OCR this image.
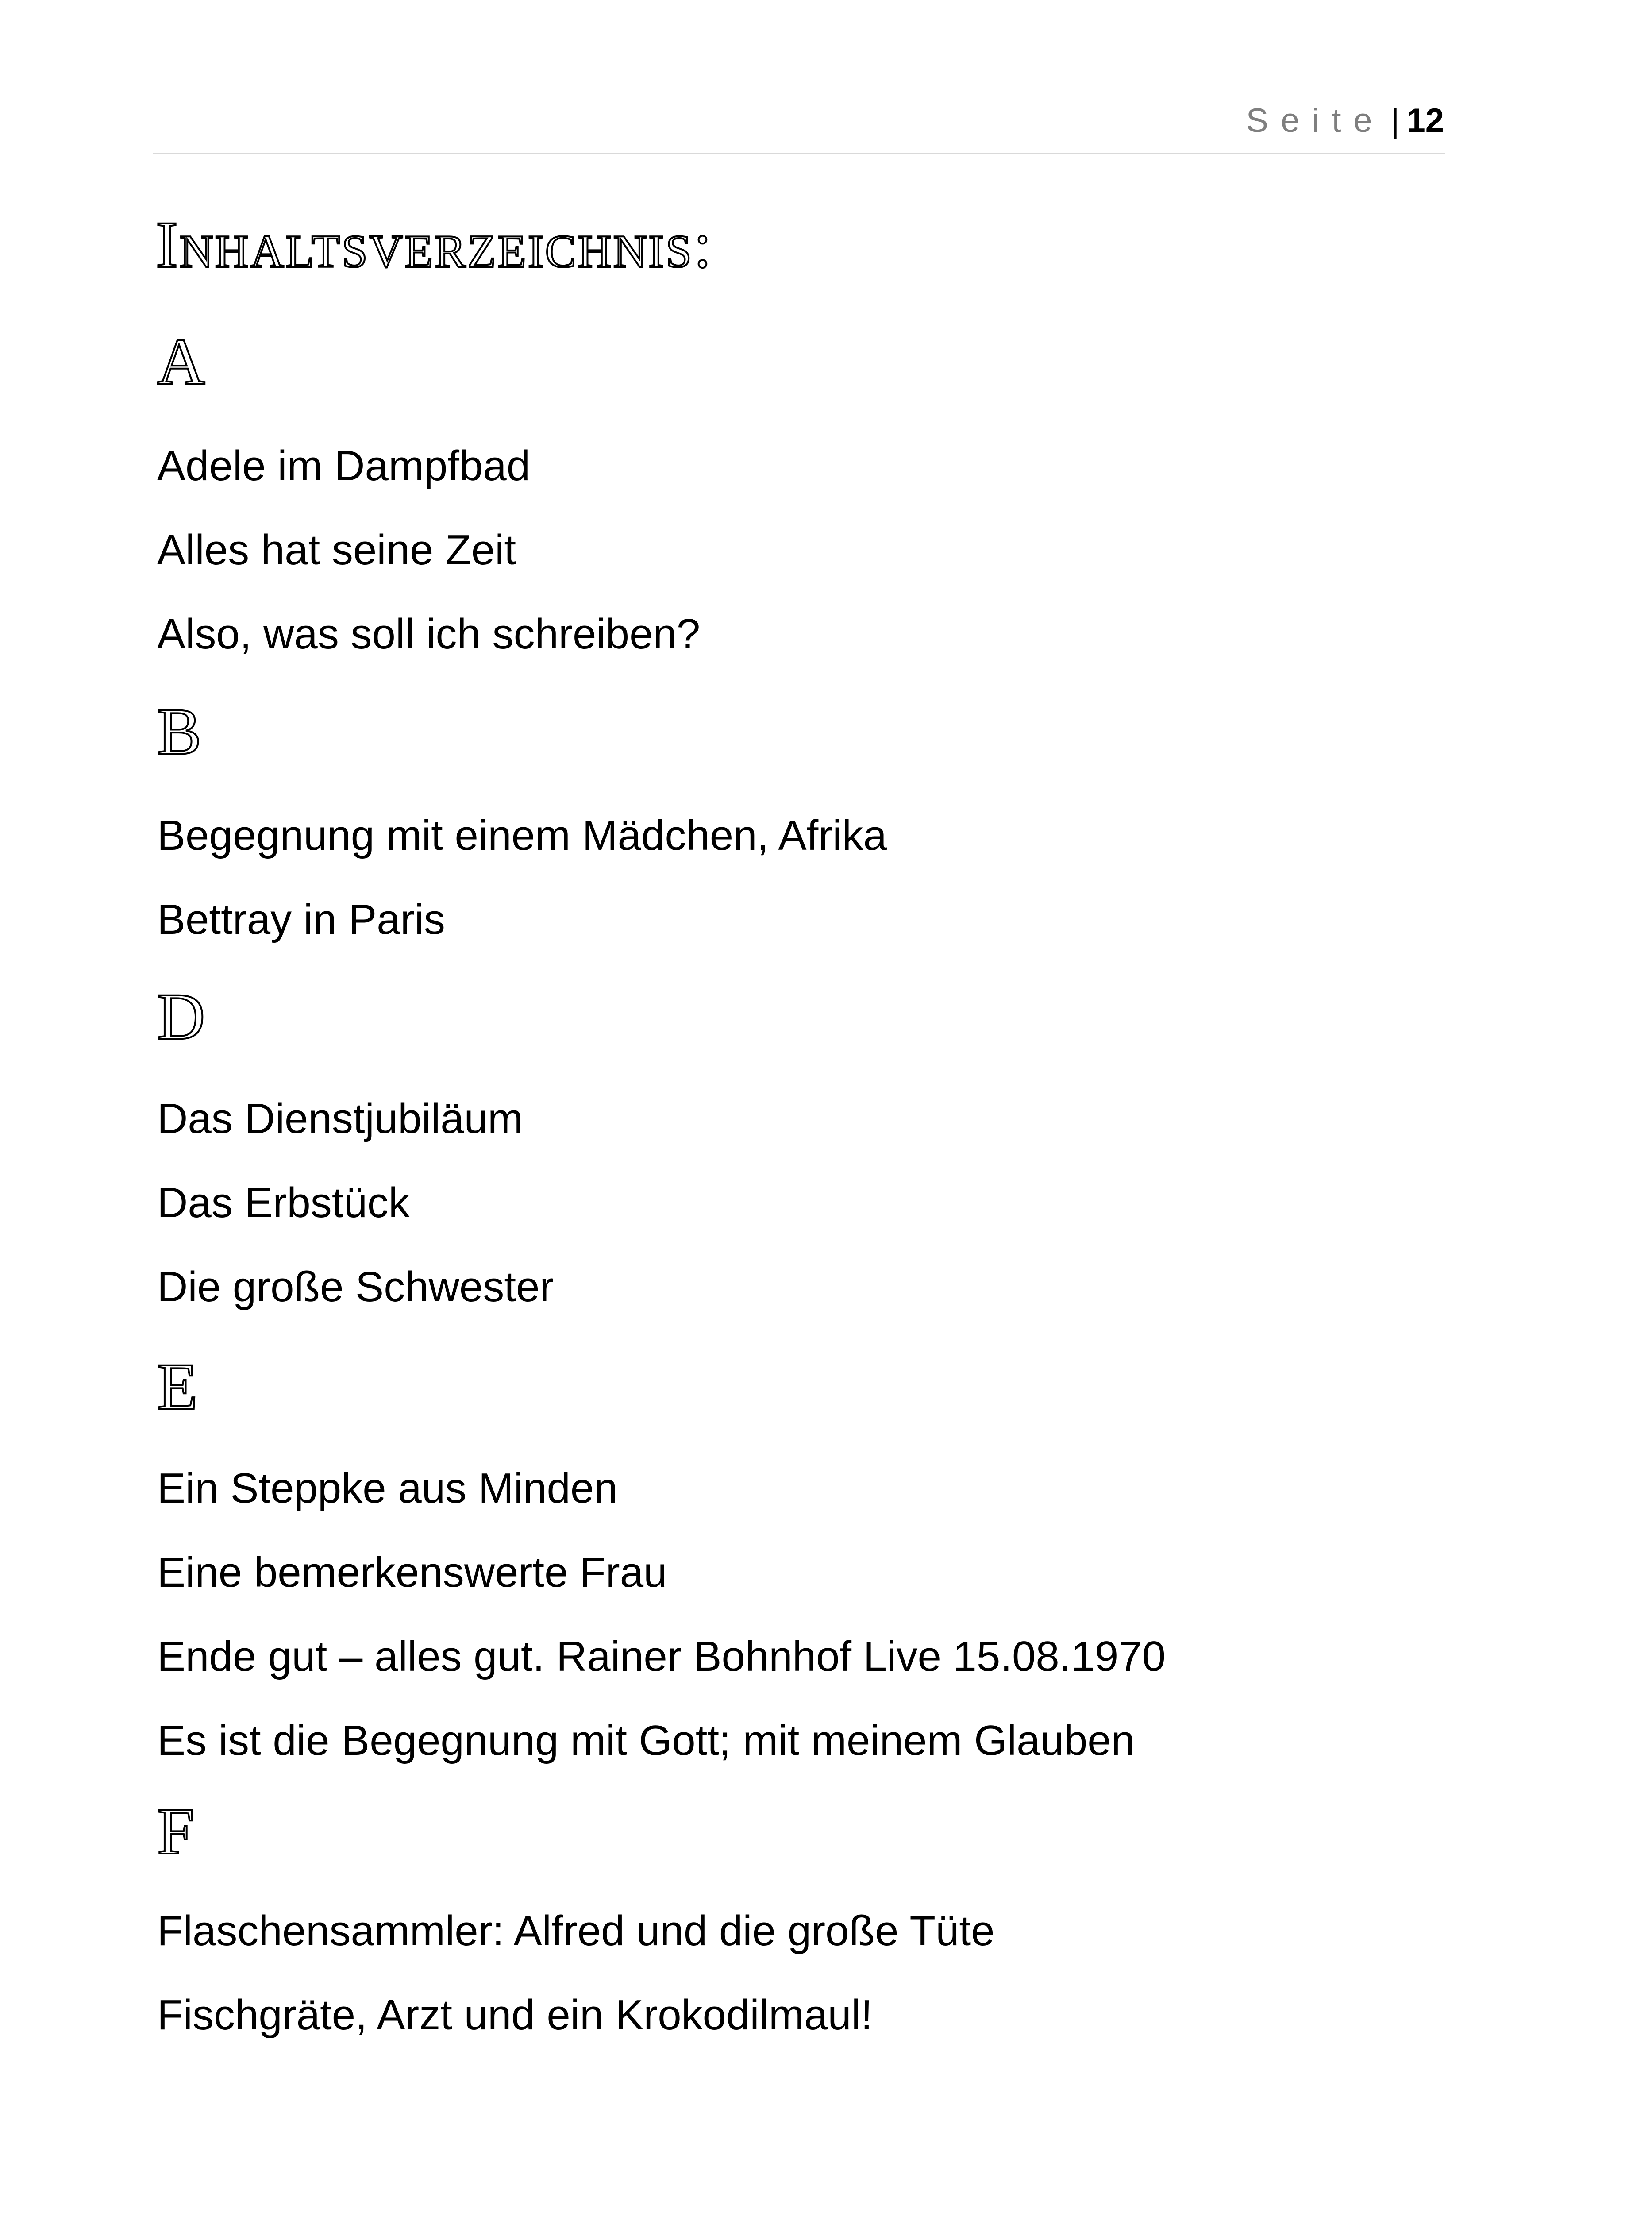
Seite | 12
Inhaltsverzeichnis:
A
Adele im Dampfbad
Alles hat seine Zeit
Also, was soll ich schreiben?
B
Begegnung mit einem Mädchen, Afrika
Bettray in Paris
D
Das Dienstjubiläum
Das Erbstück
Die große Schwester
E
Ein Steppke aus Minden
Eine bemerkenswerte Frau
Ende gut – alles gut. Rainer Bohnhof Live 15.08.1970
Es ist die Begegnung mit Gott; mit meinem Glauben
F
Flaschensammler: Alfred und die große Tüte
Fischgräte, Arzt und ein Krokodilmaul!
